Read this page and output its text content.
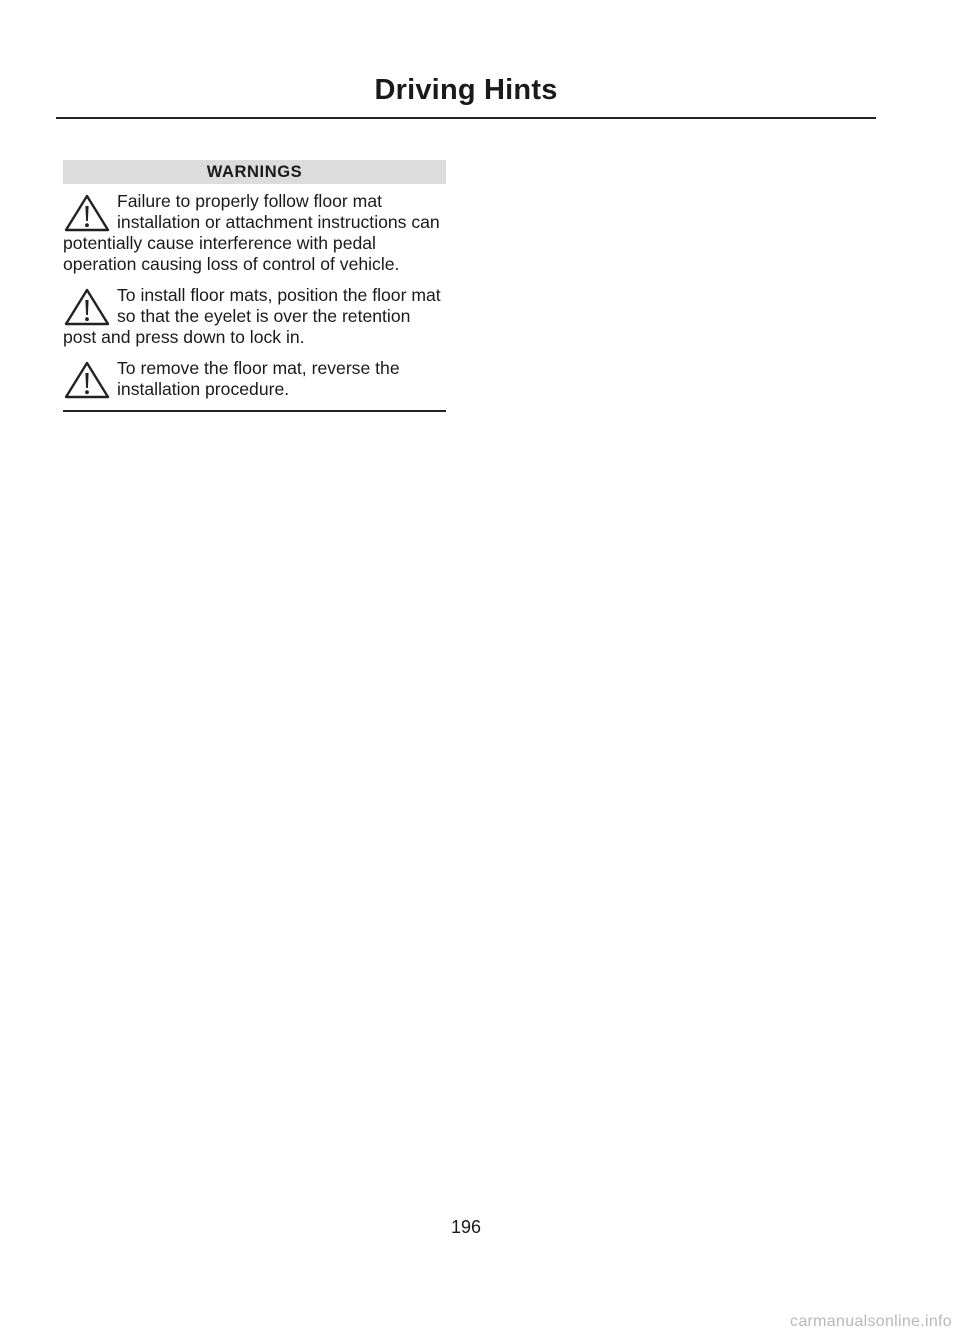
Driving Hints
WARNINGS

Failure to properly follow floor mat installation or attachment instructions can potentially cause interference with pedal operation causing loss of control of vehicle.

To install floor mats, position the floor mat so that the eyelet is over the retention post and press down to lock in.

To remove the floor mat, reverse the installation procedure.

196
carmanualsonline.info
